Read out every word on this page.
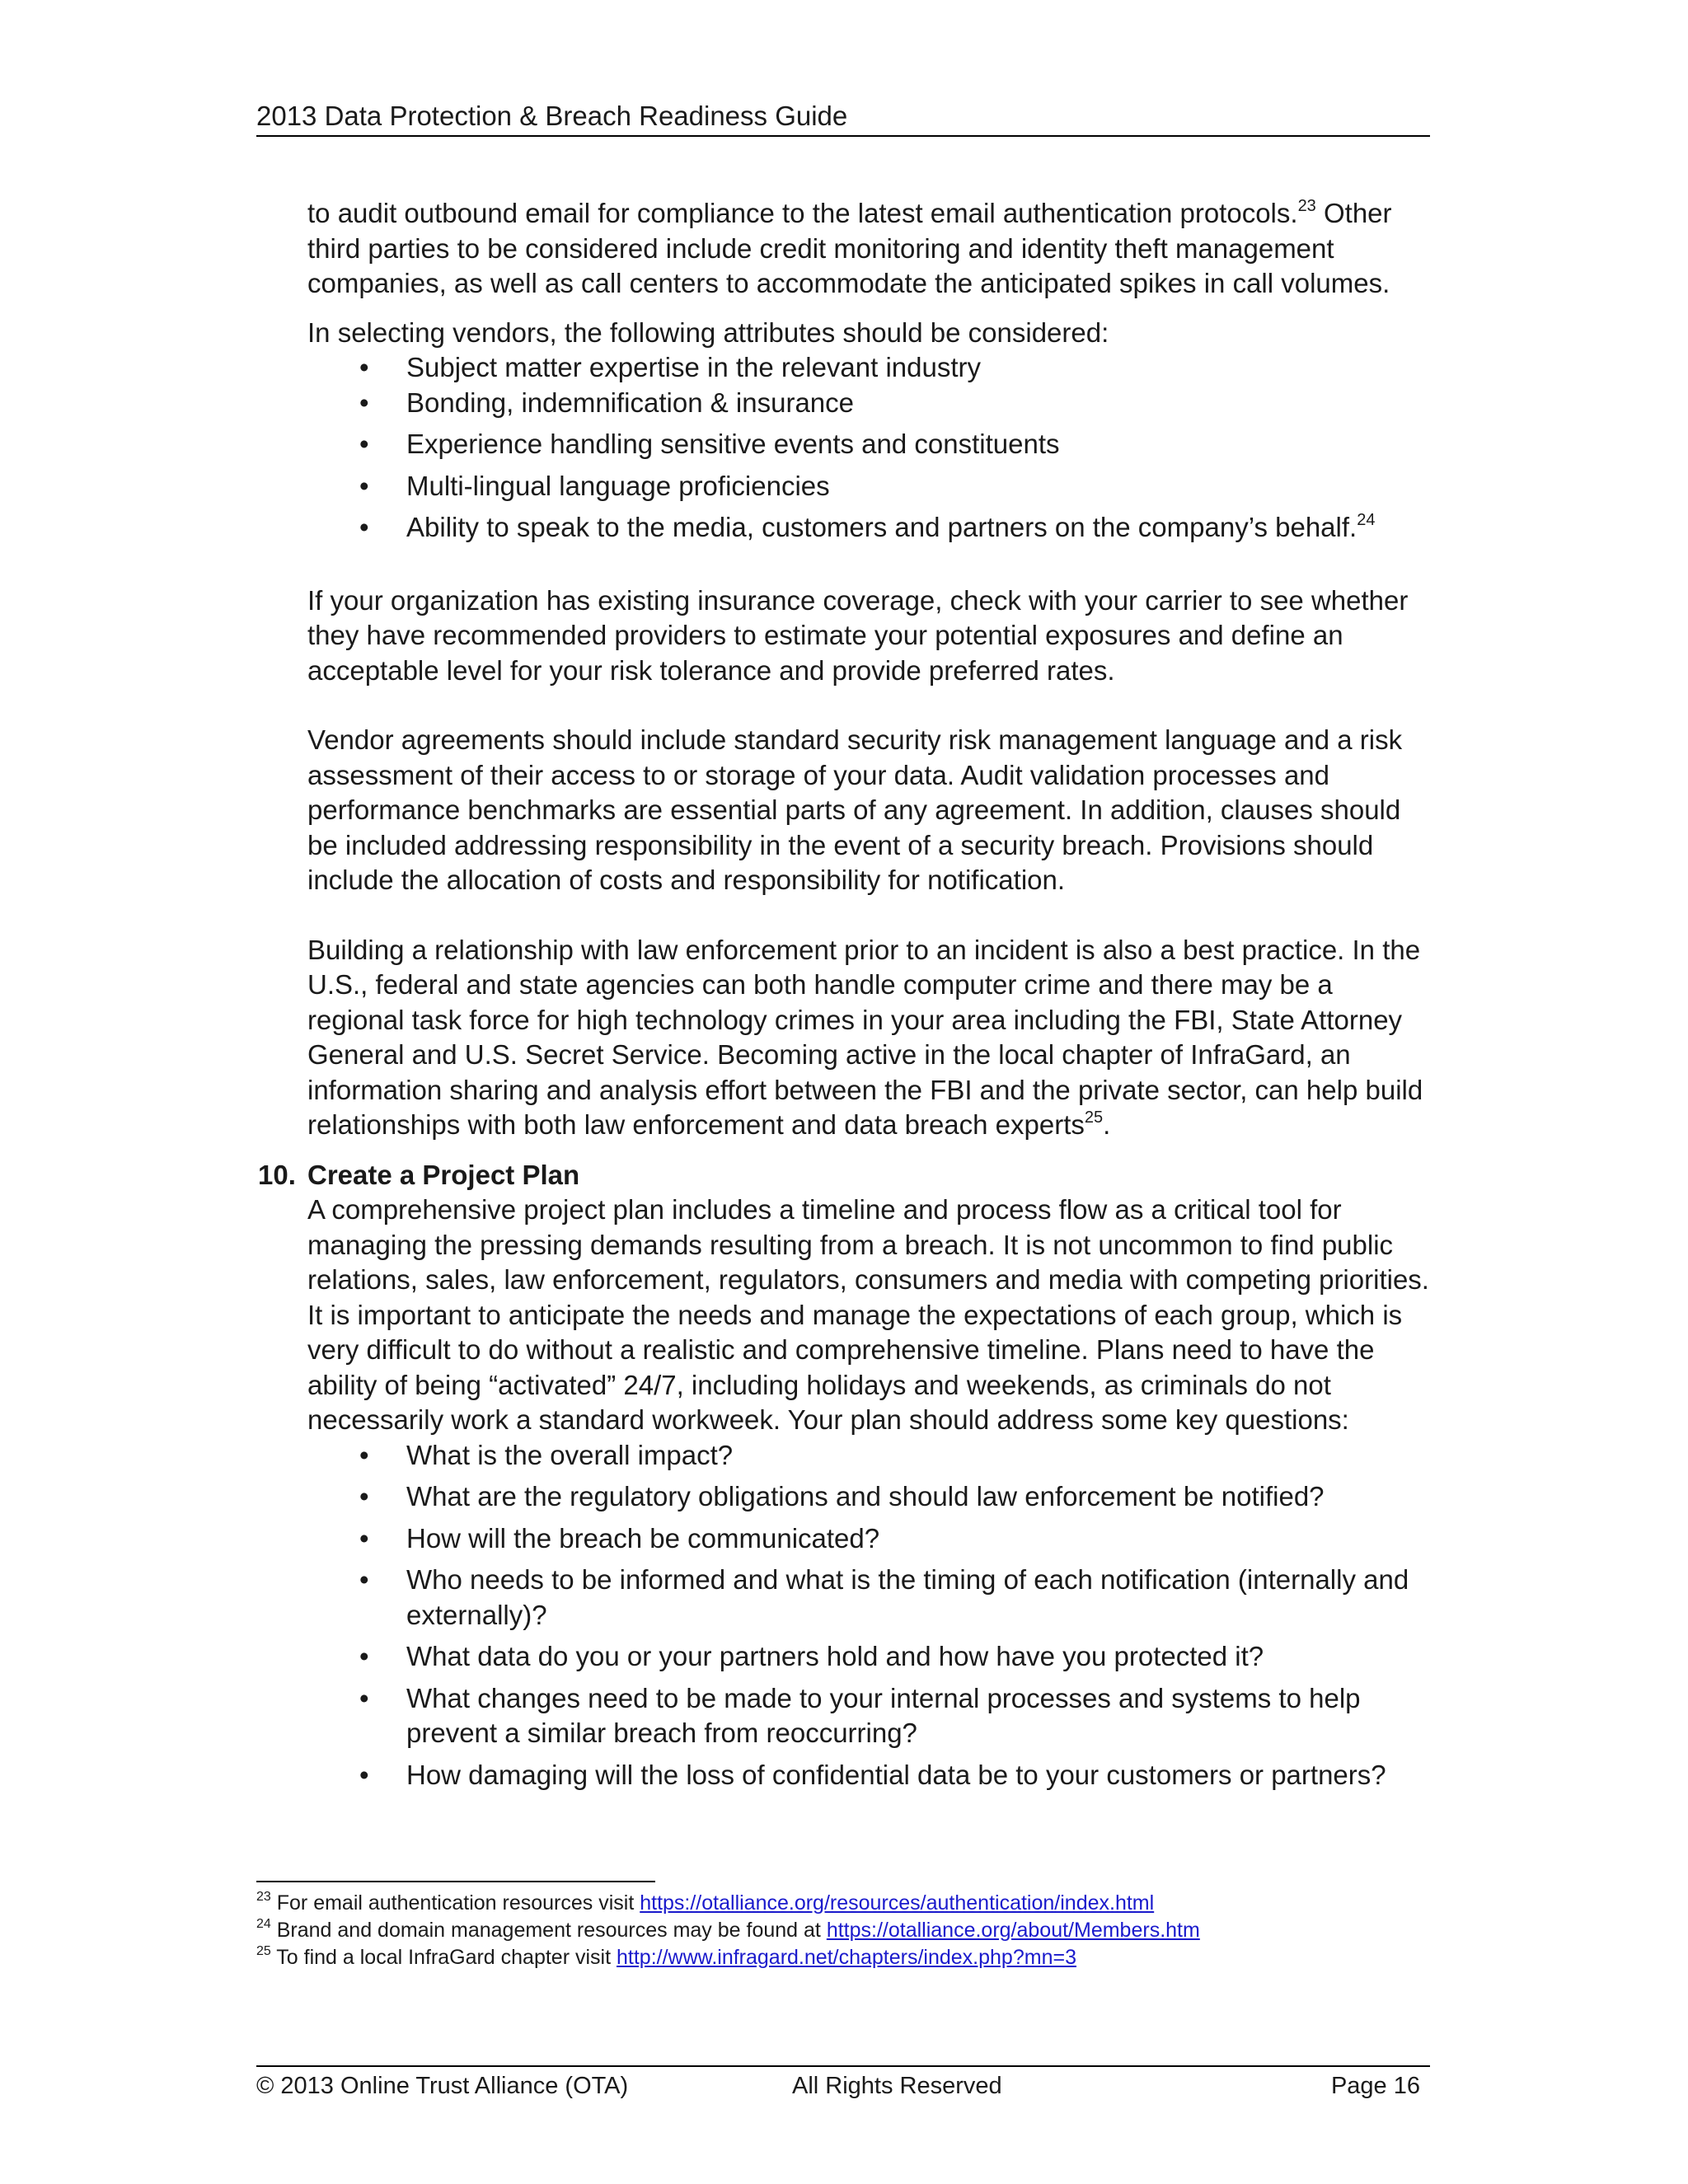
2013 Data Protection & Breach Readiness Guide

to audit outbound email for compliance to the latest email authentication protocols.$^{23}$ Other third parties to be considered include credit monitoring and identity theft management companies, as well as call centers to accommodate the anticipated spikes in call volumes.

In selecting vendors, the following attributes should be considered:

• Subject matter expertise in the relevant industry
• Bonding, indemnification & insurance
• Experience handling sensitive events and constituents
• Multi-lingual language proficiencies
• Ability to speak to the media, customers and partners on the company’s behalf.$^{24}$

If your organization has existing insurance coverage, check with your carrier to see whether they have recommended providers to estimate your potential exposures and define an acceptable level for your risk tolerance and provide preferred rates.

Vendor agreements should include standard security risk management language and a risk assessment of their access to or storage of your data. Audit validation processes and performance benchmarks are essential parts of any agreement. In addition, clauses should be included addressing responsibility in the event of a security breach. Provisions should include the allocation of costs and responsibility for notification.

Building a relationship with law enforcement prior to an incident is also a best practice. In the U.S., federal and state agencies can both handle computer crime and there may be a regional task force for high technology crimes in your area including the FBI, State Attorney General and U.S. Secret Service. Becoming active in the local chapter of InfraGard, an information sharing and analysis effort between the FBI and the private sector, can help build relationships with both law enforcement and data breach experts$^{25}$.

10. Create a Project Plan

A comprehensive project plan includes a timeline and process flow as a critical tool for managing the pressing demands resulting from a breach. It is not uncommon to find public relations, sales, law enforcement, regulators, consumers and media with competing priorities. It is important to anticipate the needs and manage the expectations of each group, which is very difficult to do without a realistic and comprehensive timeline. Plans need to have the ability of being “activated” 24/7, including holidays and weekends, as criminals do not necessarily work a standard workweek. Your plan should address some key questions:

• What is the overall impact?
• What are the regulatory obligations and should law enforcement be notified?
• How will the breach be communicated?
• Who needs to be informed and what is the timing of each notification (internally and externally)?
• What data do you or your partners hold and how have you protected it?
• What changes need to be made to your internal processes and systems to help prevent a similar breach from reoccurring?
• How damaging will the loss of confidential data be to your customers or partners?

$^{23}$ For email authentication resources visit https://otalliance.org/resources/authentication/index.html

$^{24}$ Brand and domain management resources may be found at https://otalliance.org/about/Members.htm

$^{25}$ To find a local InfraGard chapter visit http://www.infragard.net/chapters/index.php?mn=3

© 2013 Online Trust Alliance (OTA)	All Rights Reserved	Page 16
